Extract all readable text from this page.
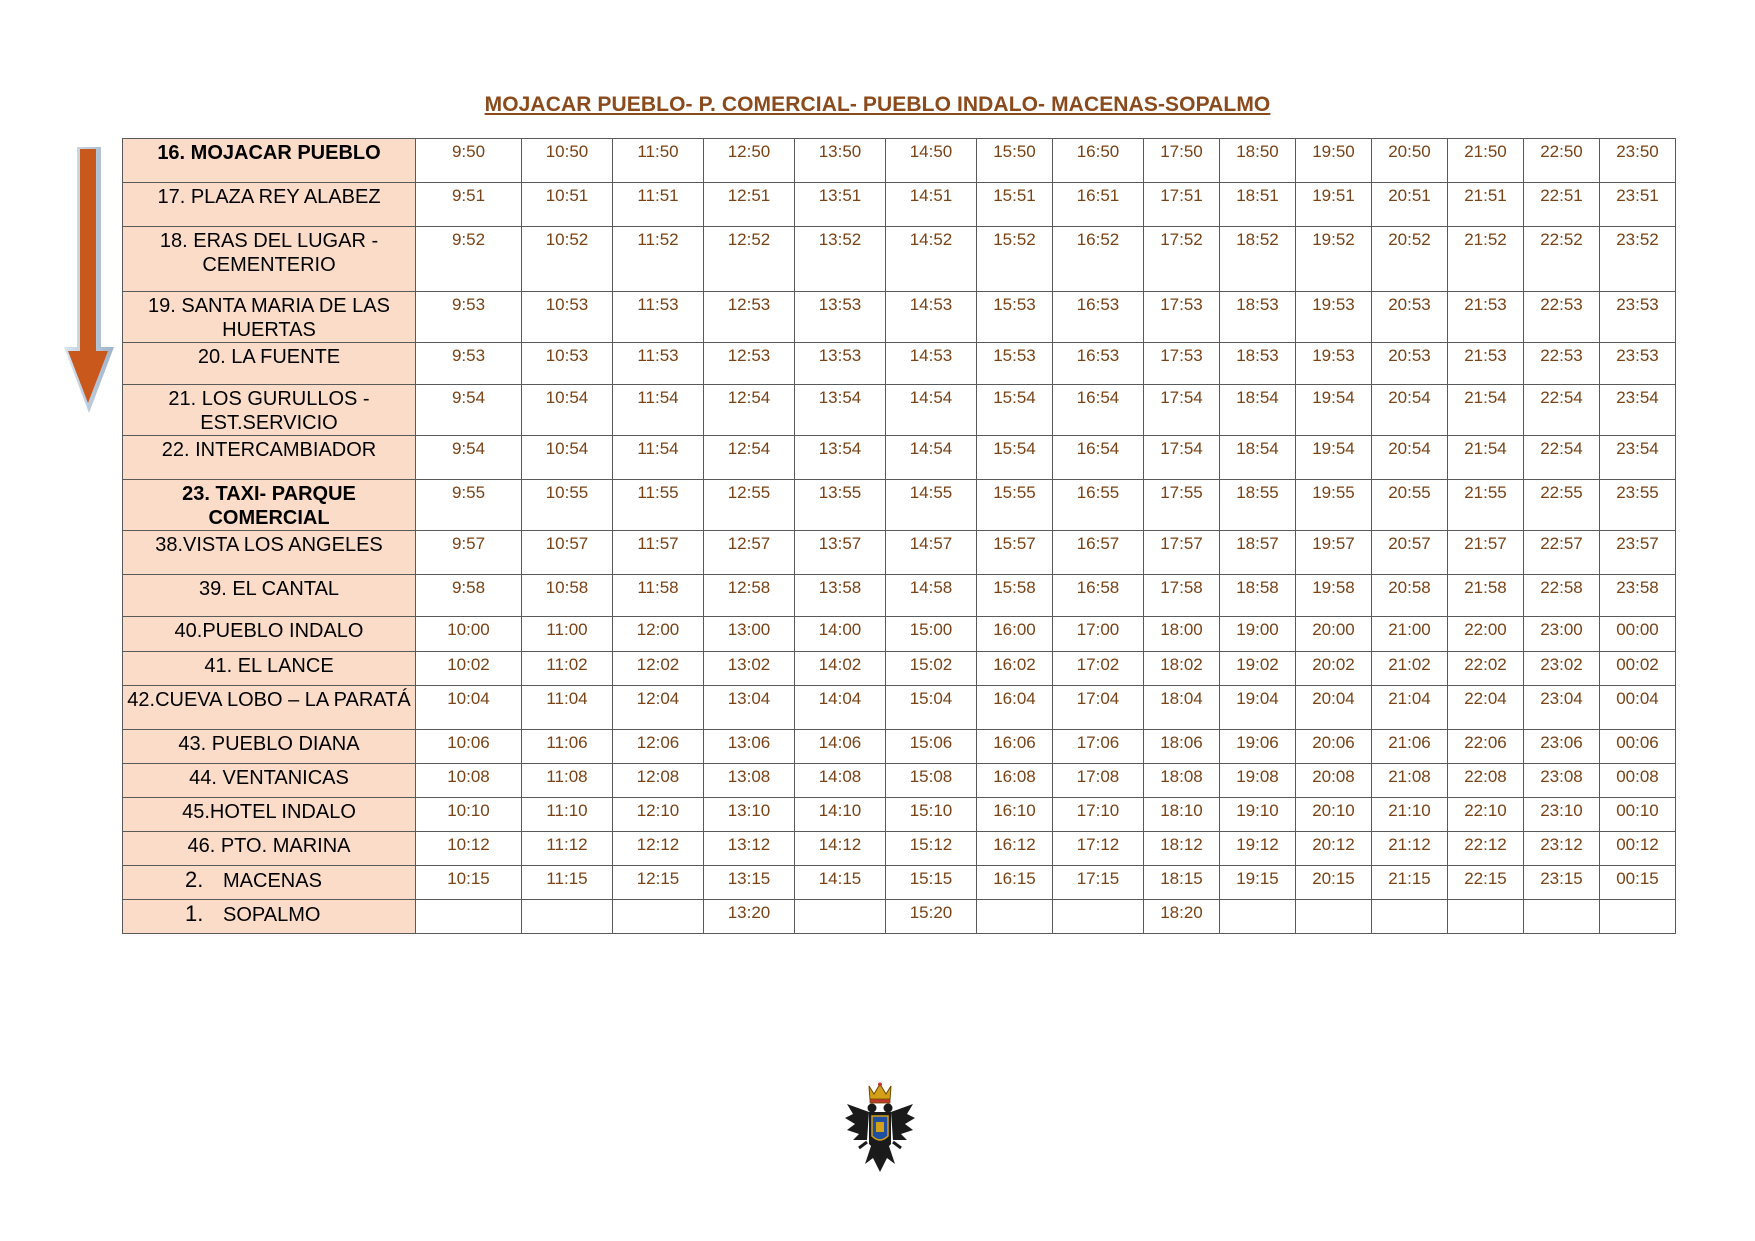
MOJACAR PUEBLO- P. COMERCIAL- PUEBLO INDALO- MACENAS-SOPALMO
16. MOJACAR PUEBLO	9:50	10:50	11:50	12:50	13:50	14:50	15:50	16:50	17:50	18:50	19:50	20:50	21:50	22:50	23:50
17. PLAZA REY ALABEZ	9:51	10:51	11:51	12:51	13:51	14:51	15:51	16:51	17:51	18:51	19:51	20:51	21:51	22:51	23:51
18. ERAS DEL LUGAR - CEMENTERIO	9:52	10:52	11:52	12:52	13:52	14:52	15:52	16:52	17:52	18:52	19:52	20:52	21:52	22:52	23:52
19. SANTA MARIA DE LAS HUERTAS	9:53	10:53	11:53	12:53	13:53	14:53	15:53	16:53	17:53	18:53	19:53	20:53	21:53	22:53	23:53
20. LA FUENTE	9:53	10:53	11:53	12:53	13:53	14:53	15:53	16:53	17:53	18:53	19:53	20:53	21:53	22:53	23:53
21. LOS GURULLOS - EST.SERVICIO	9:54	10:54	11:54	12:54	13:54	14:54	15:54	16:54	17:54	18:54	19:54	20:54	21:54	22:54	23:54
22. INTERCAMBIADOR	9:54	10:54	11:54	12:54	13:54	14:54	15:54	16:54	17:54	18:54	19:54	20:54	21:54	22:54	23:54
23. TAXI- PARQUE COMERCIAL	9:55	10:55	11:55	12:55	13:55	14:55	15:55	16:55	17:55	18:55	19:55	20:55	21:55	22:55	23:55
38.VISTA LOS ANGELES	9:57	10:57	11:57	12:57	13:57	14:57	15:57	16:57	17:57	18:57	19:57	20:57	21:57	22:57	23:57
39. EL CANTAL	9:58	10:58	11:58	12:58	13:58	14:58	15:58	16:58	17:58	18:58	19:58	20:58	21:58	22:58	23:58
40.PUEBLO INDALO	10:00	11:00	12:00	13:00	14:00	15:00	16:00	17:00	18:00	19:00	20:00	21:00	22:00	23:00	00:00
41. EL LANCE	10:02	11:02	12:02	13:02	14:02	15:02	16:02	17:02	18:02	19:02	20:02	21:02	22:02	23:02	00:02
42.CUEVA LOBO – LA PARATÁ	10:04	11:04	12:04	13:04	14:04	15:04	16:04	17:04	18:04	19:04	20:04	21:04	22:04	23:04	00:04
43. PUEBLO DIANA	10:06	11:06	12:06	13:06	14:06	15:06	16:06	17:06	18:06	19:06	20:06	21:06	22:06	23:06	00:06
44. VENTANICAS	10:08	11:08	12:08	13:08	14:08	15:08	16:08	17:08	18:08	19:08	20:08	21:08	22:08	23:08	00:08
45.HOTEL INDALO	10:10	11:10	12:10	13:10	14:10	15:10	16:10	17:10	18:10	19:10	20:10	21:10	22:10	23:10	00:10
46. PTO. MARINA	10:12	11:12	12:12	13:12	14:12	15:12	16:12	17:12	18:12	19:12	20:12	21:12	22:12	23:12	00:12
2. MACENAS	10:15	11:15	12:15	13:15	14:15	15:15	16:15	17:15	18:15	19:15	20:15	21:15	22:15	23:15	00:15
1. SOPALMO				13:20		15:20			18:20						
